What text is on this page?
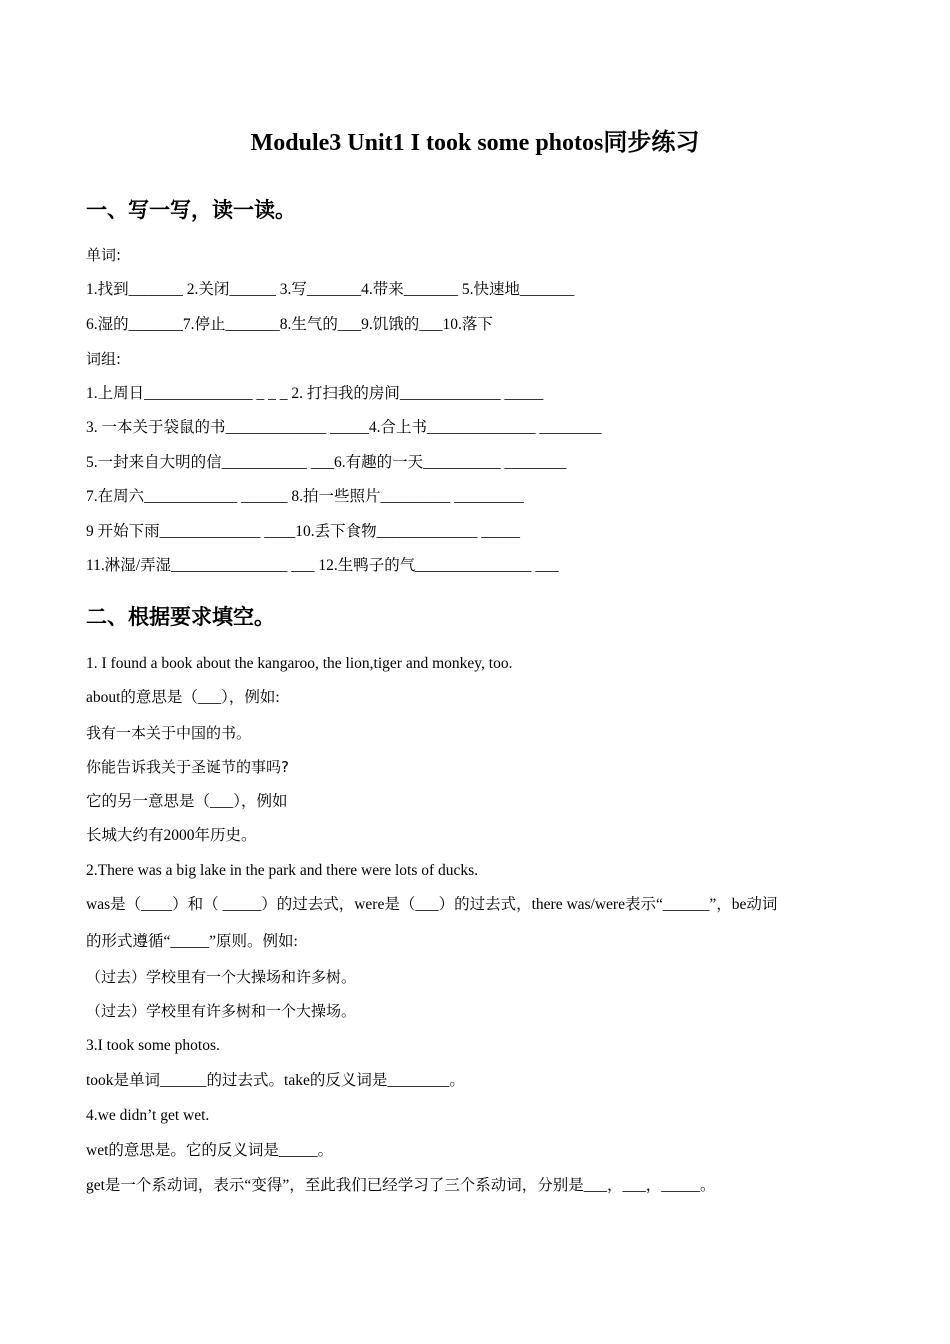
Module3 Unit1 I took some photos同步练习
一、写一写，读一读。
单词:
1.找到_______ 2.关闭______ 3.写_______4.带来_______ 5.快速地_______
6.湿的_______7.停止_______8.生气的___9.饥饿的___10.落下
词组:
1.上周日______________ _ _ _ 2. 打扫我的房间_____________ _____
3. 一本关于袋鼠的书_____________ _____4.合上书______________ ________
5.一封来自大明的信___________ ___6.有趣的一天__________ ________
7.在周六____________ ______ 8.拍一些照片_________ _________
9 开始下雨_____________ ____10.丢下食物_____________ _____
11.淋湿/弄湿_______________ ___ 12.生鸭子的气_______________ ___
二、根据要求填空。
1. I found a book about the kangaroo, the lion,tiger and monkey, too.
about的意思是（___），例如:
我有一本关于中国的书。
你能告诉我关于圣诞节的事吗?
它的另一意思是（___），例如
长城大约有2000年历史。
2.There was a big lake in the park and there were lots of ducks.
was是（____）和（ _____）的过去式，were是（___）的过去式，there was/were表示“______”，be动词
的形式遵循“_____”原则。例如:
（过去）学校里有一个大操场和许多树。
（过去）学校里有许多树和一个大操场。
3.I took some photos.
took是单词______的过去式。take的反义词是________。
4.we didn’t get wet.
wet的意思是。它的反义词是_____。
get是一个系动词，表示“变得”，至此我们已经学习了三个系动词，分别是___，___，_____。
